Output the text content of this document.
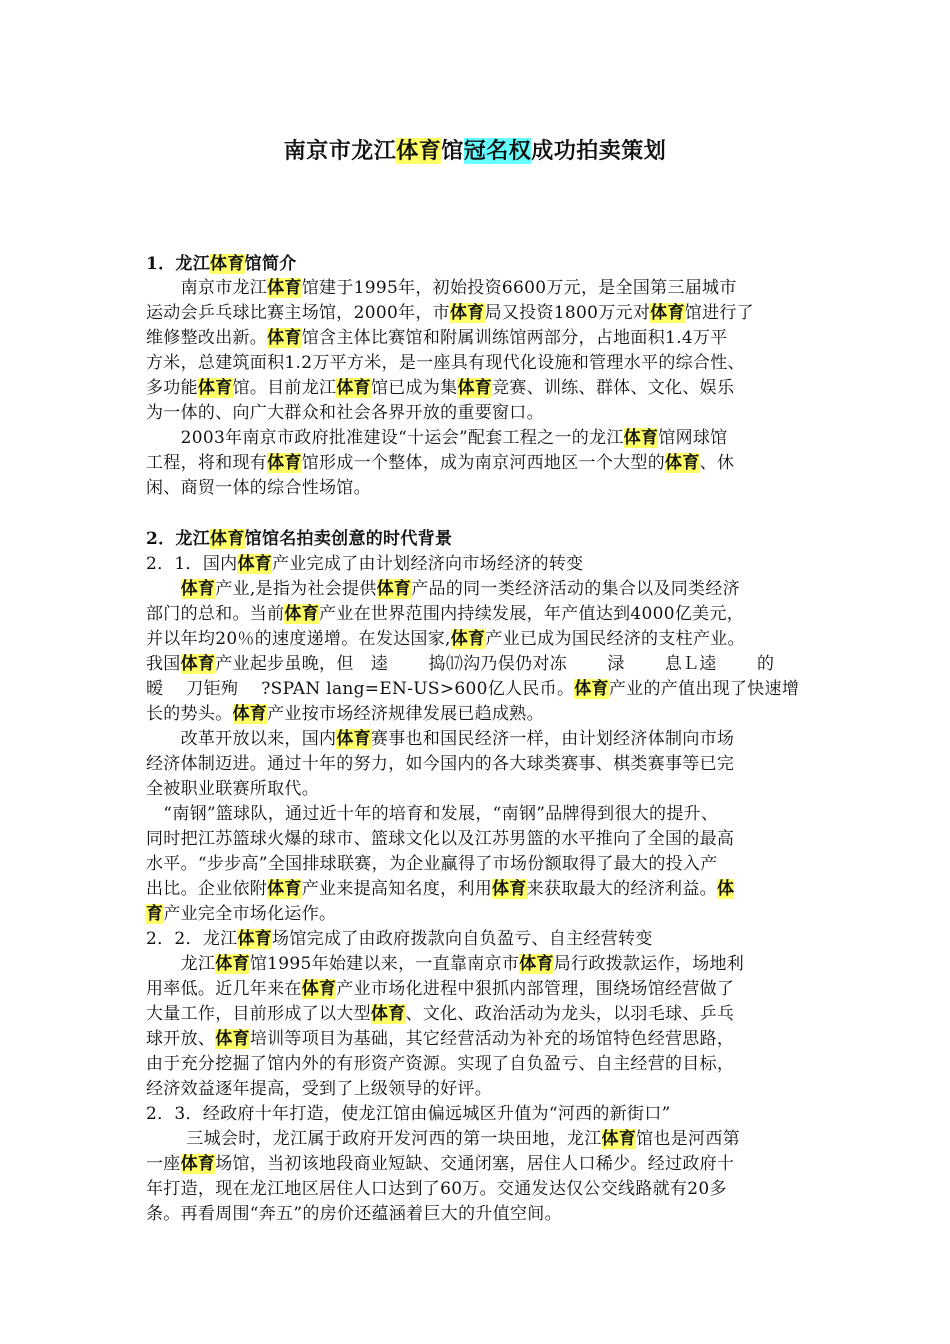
南京市龙江体育馆冠名权成功拍卖策划
1．龙江体育馆简介
　　南京市龙江体育馆建于1995年，初始投资6600万元，是全国第三届城市
运动会乒乓球比赛主场馆，2000年，市体育局又投资1800万元对体育馆进行了
维修整改出新。体育馆含主体比赛馆和附属训练馆两部分，占地面积1.4万平
方米，总建筑面积1.2万平方米，是一座具有现代化设施和管理水平的综合性、
多功能体育馆。目前龙江体育馆已成为集体育竞赛、训练、群体、文化、娱乐
为一体的、向广大群众和社会各界开放的重要窗口。
　　2003年南京市政府批准建设“十运会”配套工程之一的龙江体育馆网球馆
工程，将和现有体育馆形成一个整体，成为南京河西地区一个大型的体育、休
闲、商贸一体的综合性场馆。
2．龙江体育馆馆名拍卖创意的时代背景
2．1．国内体育产业完成了由计划经济向市场经济的转变
　　体育产业,是指为社会提供体育产品的同一类经济活动的集合以及同类经济
部门的总和。当前体育产业在世界范围内持续发展，年产值达到4000亿美元，
并以年均20％的速度递增。在发达国家,体育产业已成为国民经济的支柱产业。
我国体育产业起步虽晚，但　逵　　 捣⒄沟乃俣仍对冻　　 渌　　 息Ｌ逵　　 的
暧　 刀钜殉　 ?SPAN lang=EN-US>600亿人民币。体育产业的产值出现了快速增
长的势头。体育产业按市场经济规律发展已趋成熟。
　　改革开放以来，国内体育赛事也和国民经济一样，由计划经济体制向市场
经济体制迈进。通过十年的努力，如今国内的各大球类赛事、棋类赛事等已完
全被职业联赛所取代。
　“南钢”篮球队，通过近十年的培育和发展，“南钢”品牌得到很大的提升、
同时把江苏篮球火爆的球市、篮球文化以及江苏男篮的水平推向了全国的最高
水平。“步步高”全国排球联赛，为企业赢得了市场份额取得了最大的投入产
出比。企业依附体育产业来提高知名度，利用体育来获取最大的经济利益。体
育产业完全市场化运作。
2．2．龙江体育场馆完成了由政府拨款向自负盈亏、自主经营转变
　　龙江体育馆1995年始建以来，一直靠南京市体育局行政拨款运作，场地利
用率低。近几年来在体育产业市场化进程中狠抓内部管理，围绕场馆经营做了
大量工作，目前形成了以大型体育、文化、政治活动为龙头，以羽毛球、乒乓
球开放、体育培训等项目为基础，其它经营活动为补充的场馆特色经营思路，
由于充分挖掘了馆内外的有形资产资源。实现了自负盈亏、自主经营的目标，
经济效益逐年提高，受到了上级领导的好评。
2．3．经政府十年打造，使龙江馆由偏远城区升值为“河西的新街口”
　　 三城会时，龙江属于政府开发河西的第一块田地，龙江体育馆也是河西第
一座体育场馆，当初该地段商业短缺、交通闭塞，居住人口稀少。经过政府十
年打造，现在龙江地区居住人口达到了60万。交通发达仅公交线路就有20多
条。再看周围“奔五”的房价还蕴涵着巨大的升值空间。
